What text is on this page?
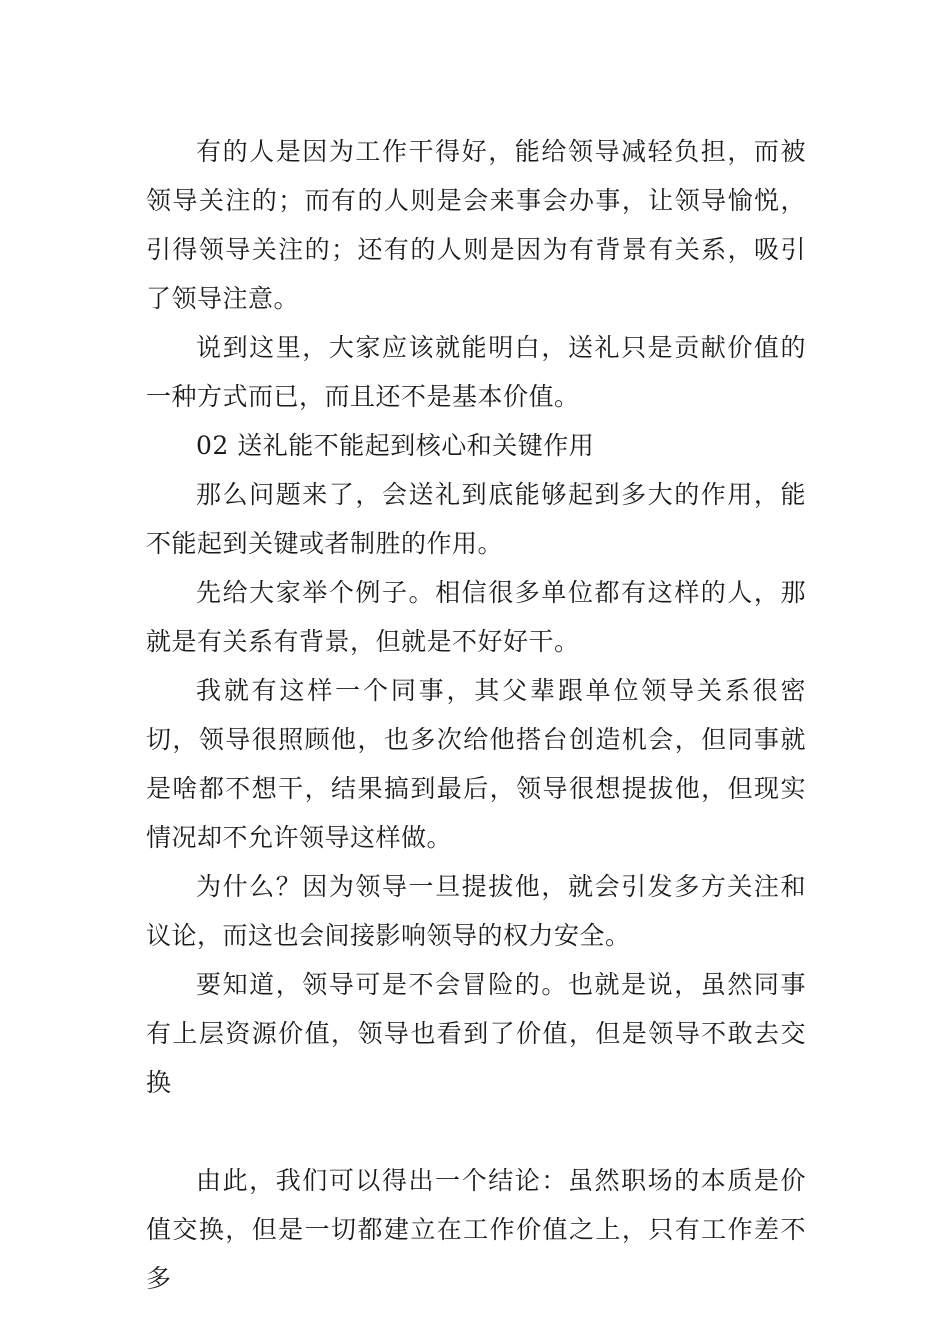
有的人是因为工作干得好，能给领导减轻负担，而被领导关注的；而有的人则是会来事会办事，让领导愉悦，引得领导关注的；还有的人则是因为有背景有关系，吸引了领导注意。

说到这里，大家应该就能明白，送礼只是贡献价值的一种方式而已，而且还不是基本价值。

02 送礼能不能起到核心和关键作用

那么问题来了，会送礼到底能够起到多大的作用，能不能起到关键或者制胜的作用。

先给大家举个例子。相信很多单位都有这样的人，那就是有关系有背景，但就是不好好干。

我就有这样一个同事，其父辈跟单位领导关系很密切，领导很照顾他，也多次给他搭台创造机会，但同事就是啥都不想干，结果搞到最后，领导很想提拔他，但现实情况却不允许领导这样做。

为什么？因为领导一旦提拔他，就会引发多方关注和议论，而这也会间接影响领导的权力安全。

要知道，领导可是不会冒险的。也就是说，虽然同事有上层资源价值，领导也看到了价值，但是领导不敢去交换

由此，我们可以得出一个结论：虽然职场的本质是价值交换，但是一切都建立在工作价值之上，只有工作差不多
